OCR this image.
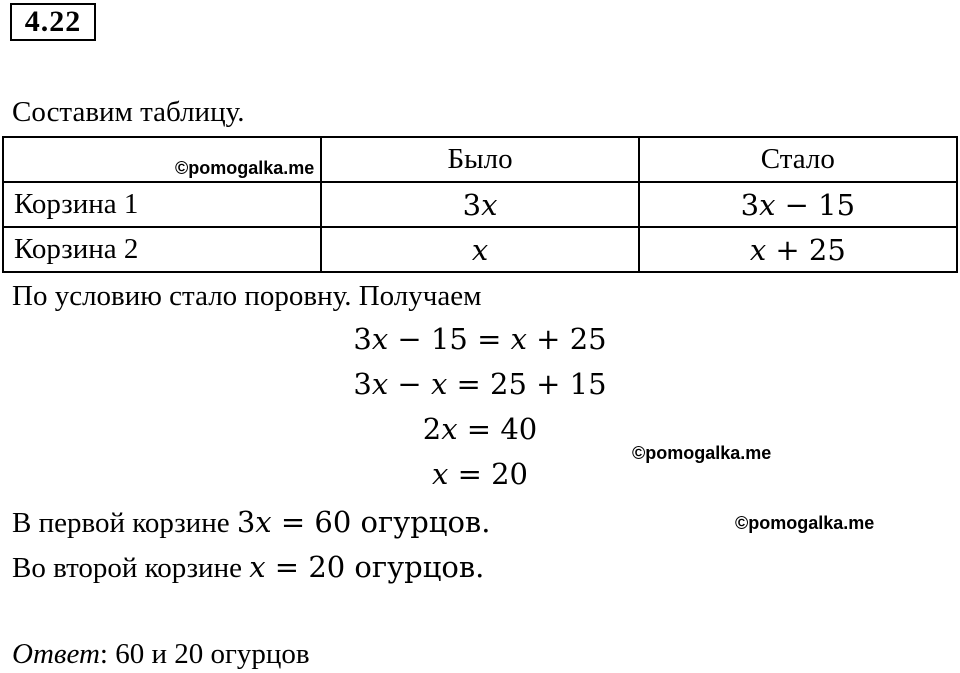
4.22
Составим таблицу.
	Было	Стало
Корзина 1	3x	3x − 15
Корзина 2	x	x + 25
©pomogalka.me
По условию стало поровну. Получаем
3x − 15 = x + 25
3x − x = 25 + 15
2x = 40
x = 20
©pomogalka.me
В первой корзине 3x = 60 огурцов.	©pomogalka.me
Во второй корзине x = 20 огурцов.
Ответ: 60 и 20 огурцов
